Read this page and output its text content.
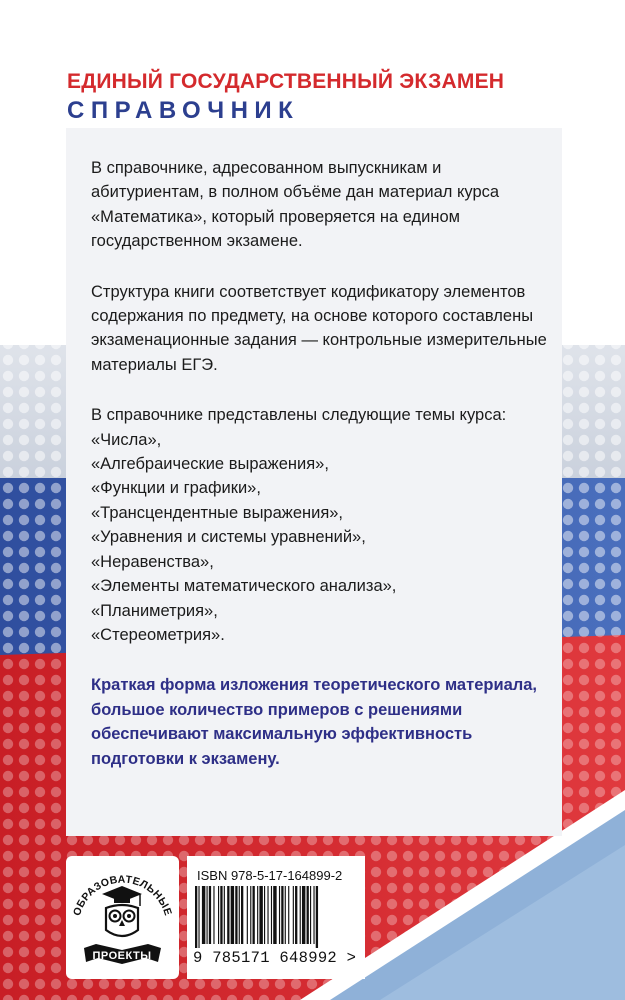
ЕДИНЫЙ ГОСУДАРСТВЕННЫЙ ЭКЗАМЕН
СПРАВОЧНИК

В справочнике, адресованном выпускникам и абитуриентам, в полном объёме дан материал курса «Математика», который проверяется на едином государственном экзамене.

Структура книги соответствует кодификатору элементов содержания по предмету, на основе которого составлены экзаменационные задания — контрольные измерительные материалы ЕГЭ.

В справочнике представлены следующие темы курса:

«Числа»,
«Алгебраические выражения»,
«Функции и графики»,
«Трансцендентные выражения»,
«Уравнения и системы уравнений»,
«Неравенства»,
«Элементы математического анализа»,
«Планиметрия»,
«Стереометрия».

Краткая форма изложения теоретического материала, большое количество примеров с решениями обеспечивают максимальную эффективность подготовки к экзамену.

ОБРАЗОВАТЕЛЬНЫЕ
ПРОЕКТЫ
ISBN 978-5-17-164899-2
9 785171 648992 >
